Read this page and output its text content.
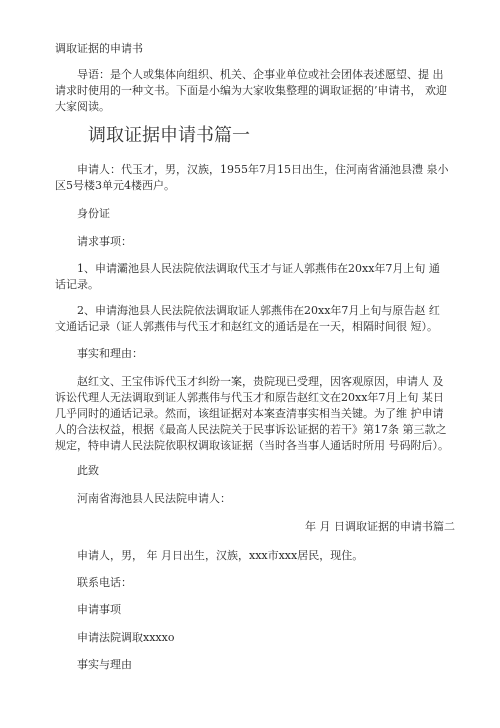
调取证据的申请书

导语：是个人或集体向组织、机关、企事业单位或社会团体表述愿望、提 出请求时使用的一种文书。下面是小编为大家收集整理的调取证据的’申请书， 欢迎大家阅读。

调取证据申请书篇一

申请人：代玉才，男，汉族，1955年7月15日出生，住河南省涌池县澧 泉小区5号楼3单元4楼西户。

身份证

请求事项：

1、申请灞池县人民法院依法调取代玉才与证人郭燕伟在20xx年7月上旬 通话记录。

2、申请海池县人民法院依法调取证人郭燕伟在20xx年7月上旬与原告赵 红文通话记录（证人郭燕伟与代玉才和赵红文的通话是在一天，相隔时间很 短）。

事实和理由：

赵红文、王宝伟诉代玉才纠纷一案，贵院现已受理，因客观原因，申请人 及诉讼代理人无法调取到证人郭燕伟与代玉才和原告赵红文在20xx年7月上旬 某日几乎同时的通话记录。然而，该组证据对本案查清事实相当关键。为了维 护申请人的合法权益，根据《最高人民法院关于民事诉讼证据的若干》第17条 第三款之规定，特申请人民法院依职权调取该证据（当时各当事人通话时所用 号码附后）。

此致

河南省海池县人民法院申请人：

年 月 日调取证据的申请书篇二

申请人，男， 年 月日出生，汉族，xxx市xxx居民，现住。

联系电话：

申请事项

申请法院调取xxxxo

事实与理由
